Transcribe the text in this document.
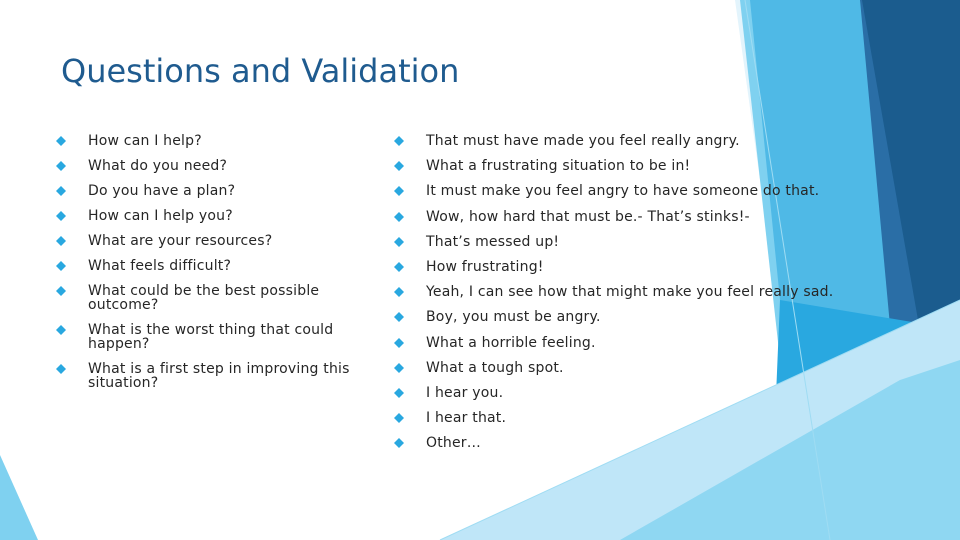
Questions and Validation
How can I help?
What do you need?
Do you have a plan?
How can I help you?
What are your resources?
What feels difficult?
What could be the best possible outcome?
What is the worst thing that could happen?
What is a first step in improving this situation?
That must have made you feel really angry.
What a frustrating situation to be in!
It must make you feel angry to have someone do that.
Wow, how hard that must be.- That’s stinks!-
That’s messed up!
How frustrating!
Yeah, I can see how that might make you feel really sad.
Boy, you must be angry.
What a horrible feeling.
What a tough spot.
I hear you.
I hear that.
Other…
